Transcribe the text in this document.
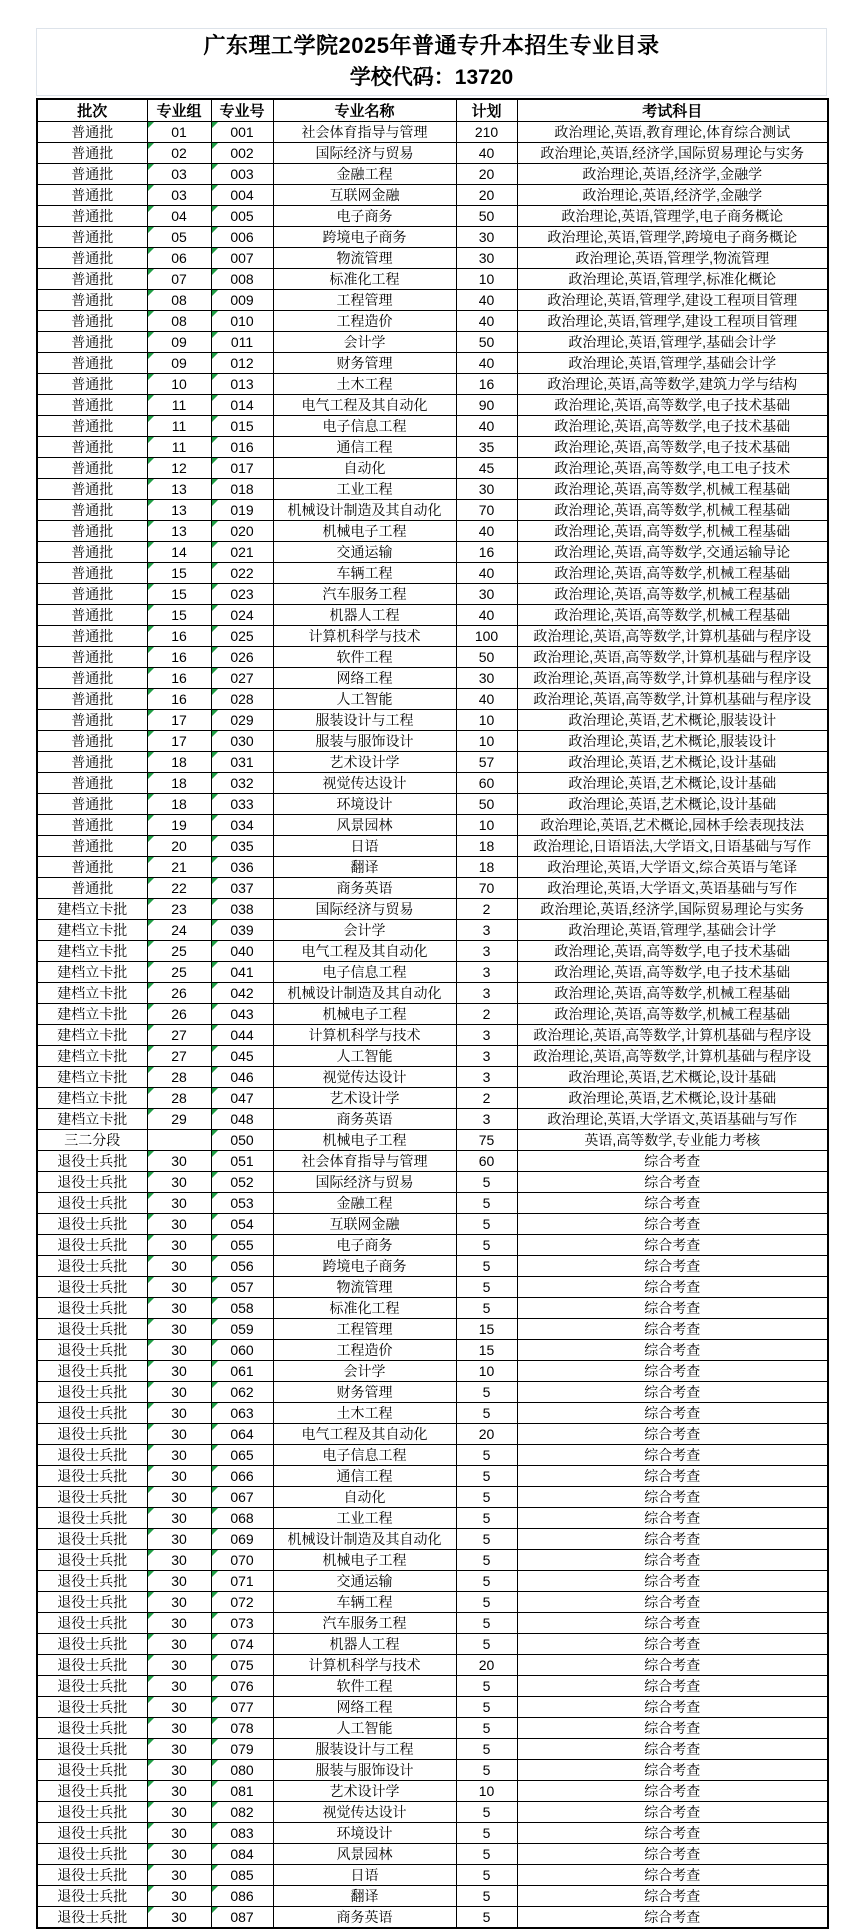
广东理工学院2025年普通专升本招生专业目录
学校代码：13720
批次	专业组	专业号	专业名称	计划	考试科目
普通批	01	001	社会体育指导与管理	210	政治理论,英语,教育理论,体育综合测试
普通批	02	002	国际经济与贸易	40	政治理论,英语,经济学,国际贸易理论与实务
普通批	03	003	金融工程	20	政治理论,英语,经济学,金融学
普通批	03	004	互联网金融	20	政治理论,英语,经济学,金融学
普通批	04	005	电子商务	50	政治理论,英语,管理学,电子商务概论
普通批	05	006	跨境电子商务	30	政治理论,英语,管理学,跨境电子商务概论
普通批	06	007	物流管理	30	政治理论,英语,管理学,物流管理
普通批	07	008	标准化工程	10	政治理论,英语,管理学,标准化概论
普通批	08	009	工程管理	40	政治理论,英语,管理学,建设工程项目管理
普通批	08	010	工程造价	40	政治理论,英语,管理学,建设工程项目管理
普通批	09	011	会计学	50	政治理论,英语,管理学,基础会计学
普通批	09	012	财务管理	40	政治理论,英语,管理学,基础会计学
普通批	10	013	土木工程	16	政治理论,英语,高等数学,建筑力学与结构
普通批	11	014	电气工程及其自动化	90	政治理论,英语,高等数学,电子技术基础
普通批	11	015	电子信息工程	40	政治理论,英语,高等数学,电子技术基础
普通批	11	016	通信工程	35	政治理论,英语,高等数学,电子技术基础
普通批	12	017	自动化	45	政治理论,英语,高等数学,电工电子技术
普通批	13	018	工业工程	30	政治理论,英语,高等数学,机械工程基础
普通批	13	019	机械设计制造及其自动化	70	政治理论,英语,高等数学,机械工程基础
普通批	13	020	机械电子工程	40	政治理论,英语,高等数学,机械工程基础
普通批	14	021	交通运输	16	政治理论,英语,高等数学,交通运输导论
普通批	15	022	车辆工程	40	政治理论,英语,高等数学,机械工程基础
普通批	15	023	汽车服务工程	30	政治理论,英语,高等数学,机械工程基础
普通批	15	024	机器人工程	40	政治理论,英语,高等数学,机械工程基础
普通批	16	025	计算机科学与技术	100	政治理论,英语,高等数学,计算机基础与程序设
普通批	16	026	软件工程	50	政治理论,英语,高等数学,计算机基础与程序设
普通批	16	027	网络工程	30	政治理论,英语,高等数学,计算机基础与程序设
普通批	16	028	人工智能	40	政治理论,英语,高等数学,计算机基础与程序设
普通批	17	029	服装设计与工程	10	政治理论,英语,艺术概论,服装设计
普通批	17	030	服装与服饰设计	10	政治理论,英语,艺术概论,服装设计
普通批	18	031	艺术设计学	57	政治理论,英语,艺术概论,设计基础
普通批	18	032	视觉传达设计	60	政治理论,英语,艺术概论,设计基础
普通批	18	033	环境设计	50	政治理论,英语,艺术概论,设计基础
普通批	19	034	风景园林	10	政治理论,英语,艺术概论,园林手绘表现技法
普通批	20	035	日语	18	政治理论,日语语法,大学语文,日语基础与写作
普通批	21	036	翻译	18	政治理论,英语,大学语文,综合英语与笔译
普通批	22	037	商务英语	70	政治理论,英语,大学语文,英语基础与写作
建档立卡批	23	038	国际经济与贸易	2	政治理论,英语,经济学,国际贸易理论与实务
建档立卡批	24	039	会计学	3	政治理论,英语,管理学,基础会计学
建档立卡批	25	040	电气工程及其自动化	3	政治理论,英语,高等数学,电子技术基础
建档立卡批	25	041	电子信息工程	3	政治理论,英语,高等数学,电子技术基础
建档立卡批	26	042	机械设计制造及其自动化	3	政治理论,英语,高等数学,机械工程基础
建档立卡批	26	043	机械电子工程	2	政治理论,英语,高等数学,机械工程基础
建档立卡批	27	044	计算机科学与技术	3	政治理论,英语,高等数学,计算机基础与程序设
建档立卡批	27	045	人工智能	3	政治理论,英语,高等数学,计算机基础与程序设
建档立卡批	28	046	视觉传达设计	3	政治理论,英语,艺术概论,设计基础
建档立卡批	28	047	艺术设计学	2	政治理论,英语,艺术概论,设计基础
建档立卡批	29	048	商务英语	3	政治理论,英语,大学语文,英语基础与写作
三二分段		050	机械电子工程	75	英语,高等数学,专业能力考核
退役士兵批	30	051	社会体育指导与管理	60	综合考查
退役士兵批	30	052	国际经济与贸易	5	综合考查
退役士兵批	30	053	金融工程	5	综合考查
退役士兵批	30	054	互联网金融	5	综合考查
退役士兵批	30	055	电子商务	5	综合考查
退役士兵批	30	056	跨境电子商务	5	综合考查
退役士兵批	30	057	物流管理	5	综合考查
退役士兵批	30	058	标准化工程	5	综合考查
退役士兵批	30	059	工程管理	15	综合考查
退役士兵批	30	060	工程造价	15	综合考查
退役士兵批	30	061	会计学	10	综合考查
退役士兵批	30	062	财务管理	5	综合考查
退役士兵批	30	063	土木工程	5	综合考查
退役士兵批	30	064	电气工程及其自动化	20	综合考查
退役士兵批	30	065	电子信息工程	5	综合考查
退役士兵批	30	066	通信工程	5	综合考查
退役士兵批	30	067	自动化	5	综合考查
退役士兵批	30	068	工业工程	5	综合考查
退役士兵批	30	069	机械设计制造及其自动化	5	综合考查
退役士兵批	30	070	机械电子工程	5	综合考查
退役士兵批	30	071	交通运输	5	综合考查
退役士兵批	30	072	车辆工程	5	综合考查
退役士兵批	30	073	汽车服务工程	5	综合考查
退役士兵批	30	074	机器人工程	5	综合考查
退役士兵批	30	075	计算机科学与技术	20	综合考查
退役士兵批	30	076	软件工程	5	综合考查
退役士兵批	30	077	网络工程	5	综合考查
退役士兵批	30	078	人工智能	5	综合考查
退役士兵批	30	079	服装设计与工程	5	综合考查
退役士兵批	30	080	服装与服饰设计	5	综合考查
退役士兵批	30	081	艺术设计学	10	综合考查
退役士兵批	30	082	视觉传达设计	5	综合考查
退役士兵批	30	083	环境设计	5	综合考查
退役士兵批	30	084	风景园林	5	综合考查
退役士兵批	30	085	日语	5	综合考查
退役士兵批	30	086	翻译	5	综合考查
退役士兵批	30	087	商务英语	5	综合考查
